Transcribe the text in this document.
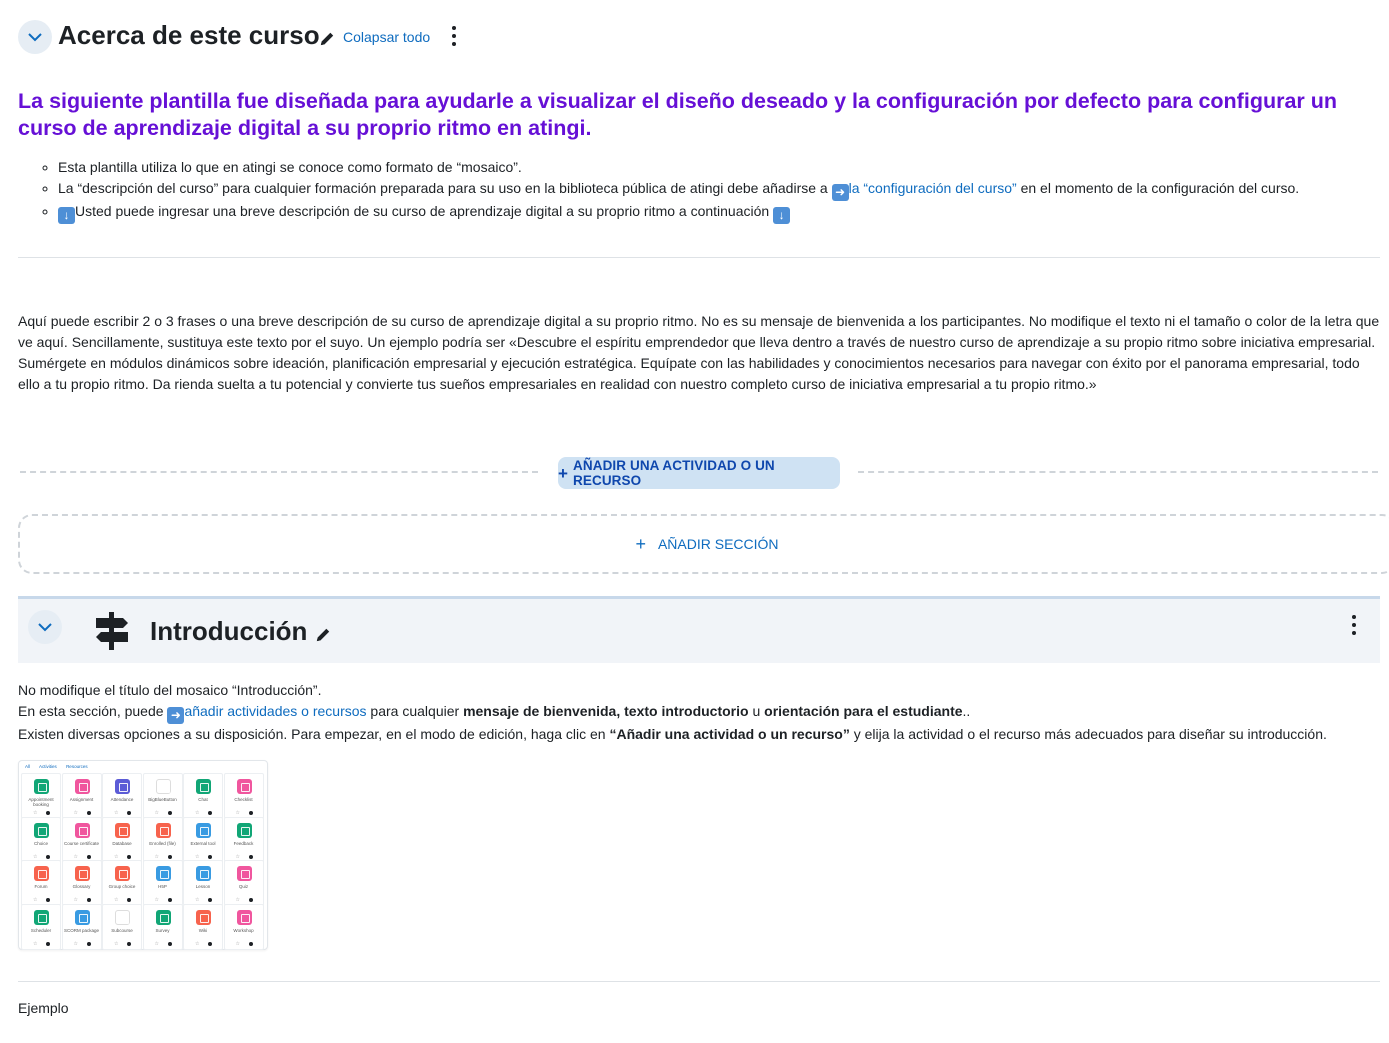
Acerca de este curso Colapsar todo
La siguiente plantilla fue diseñada para ayudarle a visualizar el diseño deseado y la configuración por defecto para configurar un curso de aprendizaje digital a su proprio ritmo en atingi.
◦ Esta plantilla utiliza lo que en atingi se conoce como formato de “mosaico”.
◦ La “descripción del curso” para cualquier formación preparada para su uso en la biblioteca pública de atingi debe añadirse a ➜ la “configuración del curso” en el momento de la configuración del curso.
◦ ↓ Usted puede ingresar una breve descripción de su curso de aprendizaje digital a su proprio ritmo a continuación ↓
Aquí puede escribir 2 o 3 frases o una breve descripción de su curso de aprendizaje digital a su proprio ritmo. No es su mensaje de bienvenida a los participantes. No modifique el texto ni el tamaño o color de la letra que ve aquí. Sencillamente, sustituya este texto por el suyo. Un ejemplo podría ser «Descubre el espíritu emprendedor que lleva dentro a través de nuestro curso de aprendizaje a su propio ritmo sobre iniciativa empresarial. Sumérgete en módulos dinámicos sobre ideación, planificación empresarial y ejecución estratégica. Equípate con las habilidades y conocimientos necesarios para navegar con éxito por el panorama empresarial, todo ello a tu propio ritmo. Da rienda suelta a tu potencial y convierte tus sueños empresariales en realidad con nuestro completo curso de iniciativa empresarial a tu propio ritmo.»
+ AÑADIR UNA ACTIVIDAD O UN RECURSO
+ AÑADIR SECCIÓN
Introducción
No modifique el título del mosaico “Introducción”.
En esta sección, puede ➜ añadir actividades o recursos para cualquier mensaje de bienvenida, texto introductorio u orientación para el estudiante..
Existen diversas opciones a su disposición. Para empezar, en el modo de edición, haga clic en “Añadir una actividad o un recurso” y elija la actividad o el recurso más adecuados para diseñar su introducción.
All Activities Resources
Appointment booking
☆
Assignment
☆
Attendance
☆
BigBlueButton
☆
Chat
☆
Checklist
☆
Choice
☆
Course certificate
☆
Database
☆
Enrolled (file)
☆
External tool
☆
Feedback
☆
Forum
☆
Glossary
☆
Group choice
☆
H5P
☆
Lesson
☆
Quiz
☆
Scheduler
☆
SCORM package
☆
Subcourse
☆
Survey
☆
Wiki
☆
Workshop
☆
Ejemplo
